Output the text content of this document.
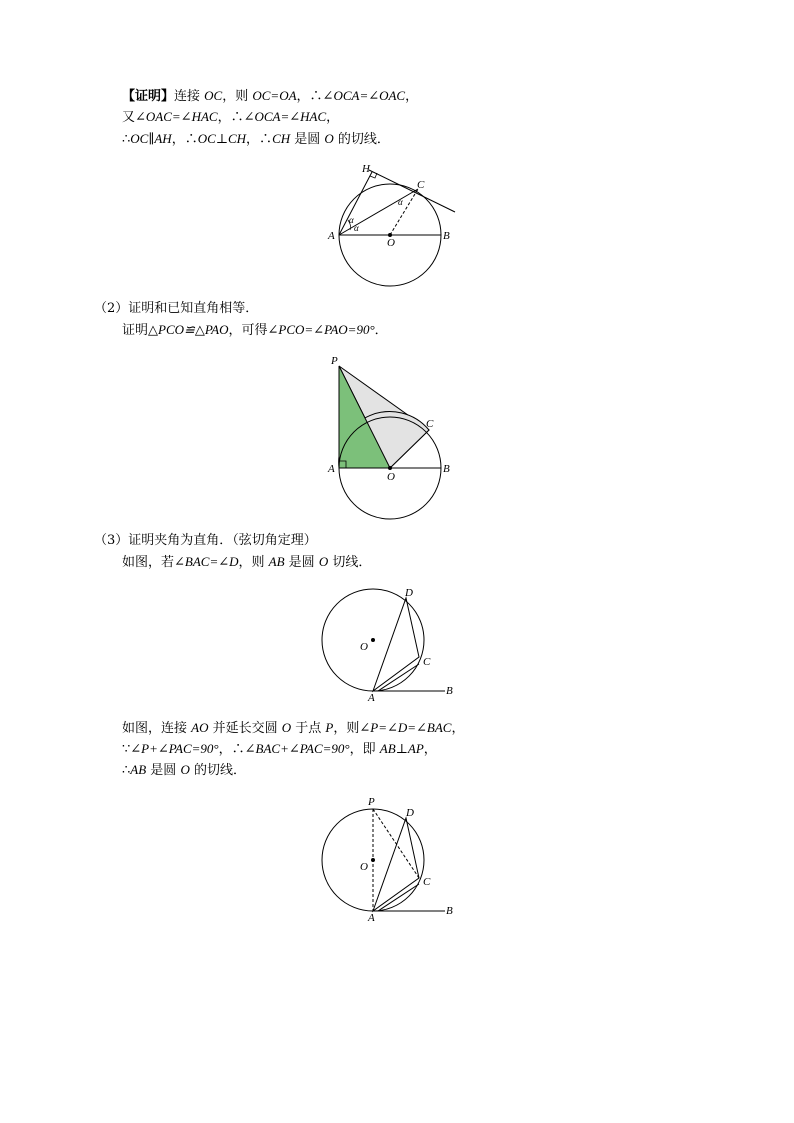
【证明】连接 OC，则 OC=OA，∴∠OCA=∠OAC，
又∠OAC=∠HAC，∴∠OCA=∠HAC，
∴OC∥AH，∴OC⊥CH，∴CH 是圆 O 的切线．
H
C
A	B
O
α
α
α
（2）证明和已知直角相等．
证明△PCO≌△PAO，可得∠PCO=∠PAO=90°．
P
C
A	B
O
（3）证明夹角为直角．（弦切角定理）
如图，若∠BAC=∠D，则 AB 是圆 O 切线．
D
O
C
A
B
如图，连接 AO 并延长交圆 O 于点 P，则∠P=∠D=∠BAC，
∵∠P+∠PAC=90°，∴∠BAC+∠PAC=90°，即 AB⊥AP，
∴AB 是圆 O 的切线．
P
D
O
C
A
B
